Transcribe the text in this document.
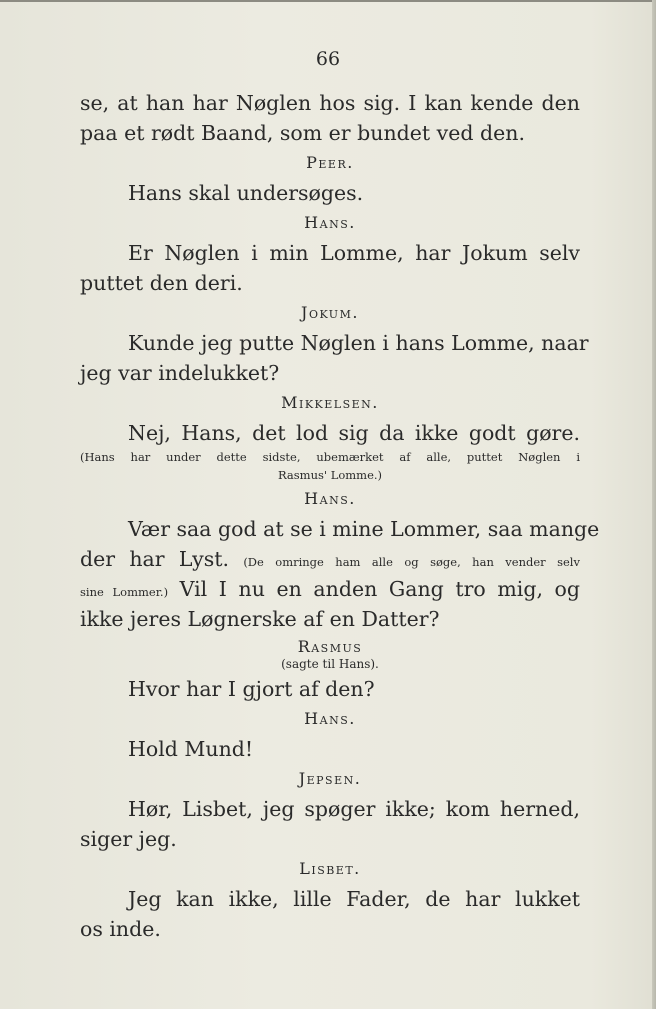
66
se, at han har Nøglen hos sig. I kan kende den
paa et rødt Baand, som er bundet ved den.
Peer.
Hans skal undersøges.
Hans.
Er Nøglen i min Lomme, har Jokum selv
puttet den deri.
Jokum.
Kunde jeg putte Nøglen i hans Lomme, naar
jeg var indelukket?
Mikkelsen.
Nej, Hans, det lod sig da ikke godt gøre.
(Hans har under dette sidste, ubemærket af alle, puttet Nøglen i
Rasmus' Lomme.)
Hans.
Vær saa god at se i mine Lommer, saa mange
der har Lyst. (De omringe ham alle og søge, han vender selv
sine Lommer.) Vil I nu en anden Gang tro mig, og
ikke jeres Løgnerske af en Datter?
Rasmus
(sagte til Hans).
Hvor har I gjort af den?
Hans.
Hold Mund!
Jepsen.
Hør, Lisbet, jeg spøger ikke; kom herned,
siger jeg.
Lisbet.
Jeg kan ikke, lille Fader, de har lukket
os inde.
